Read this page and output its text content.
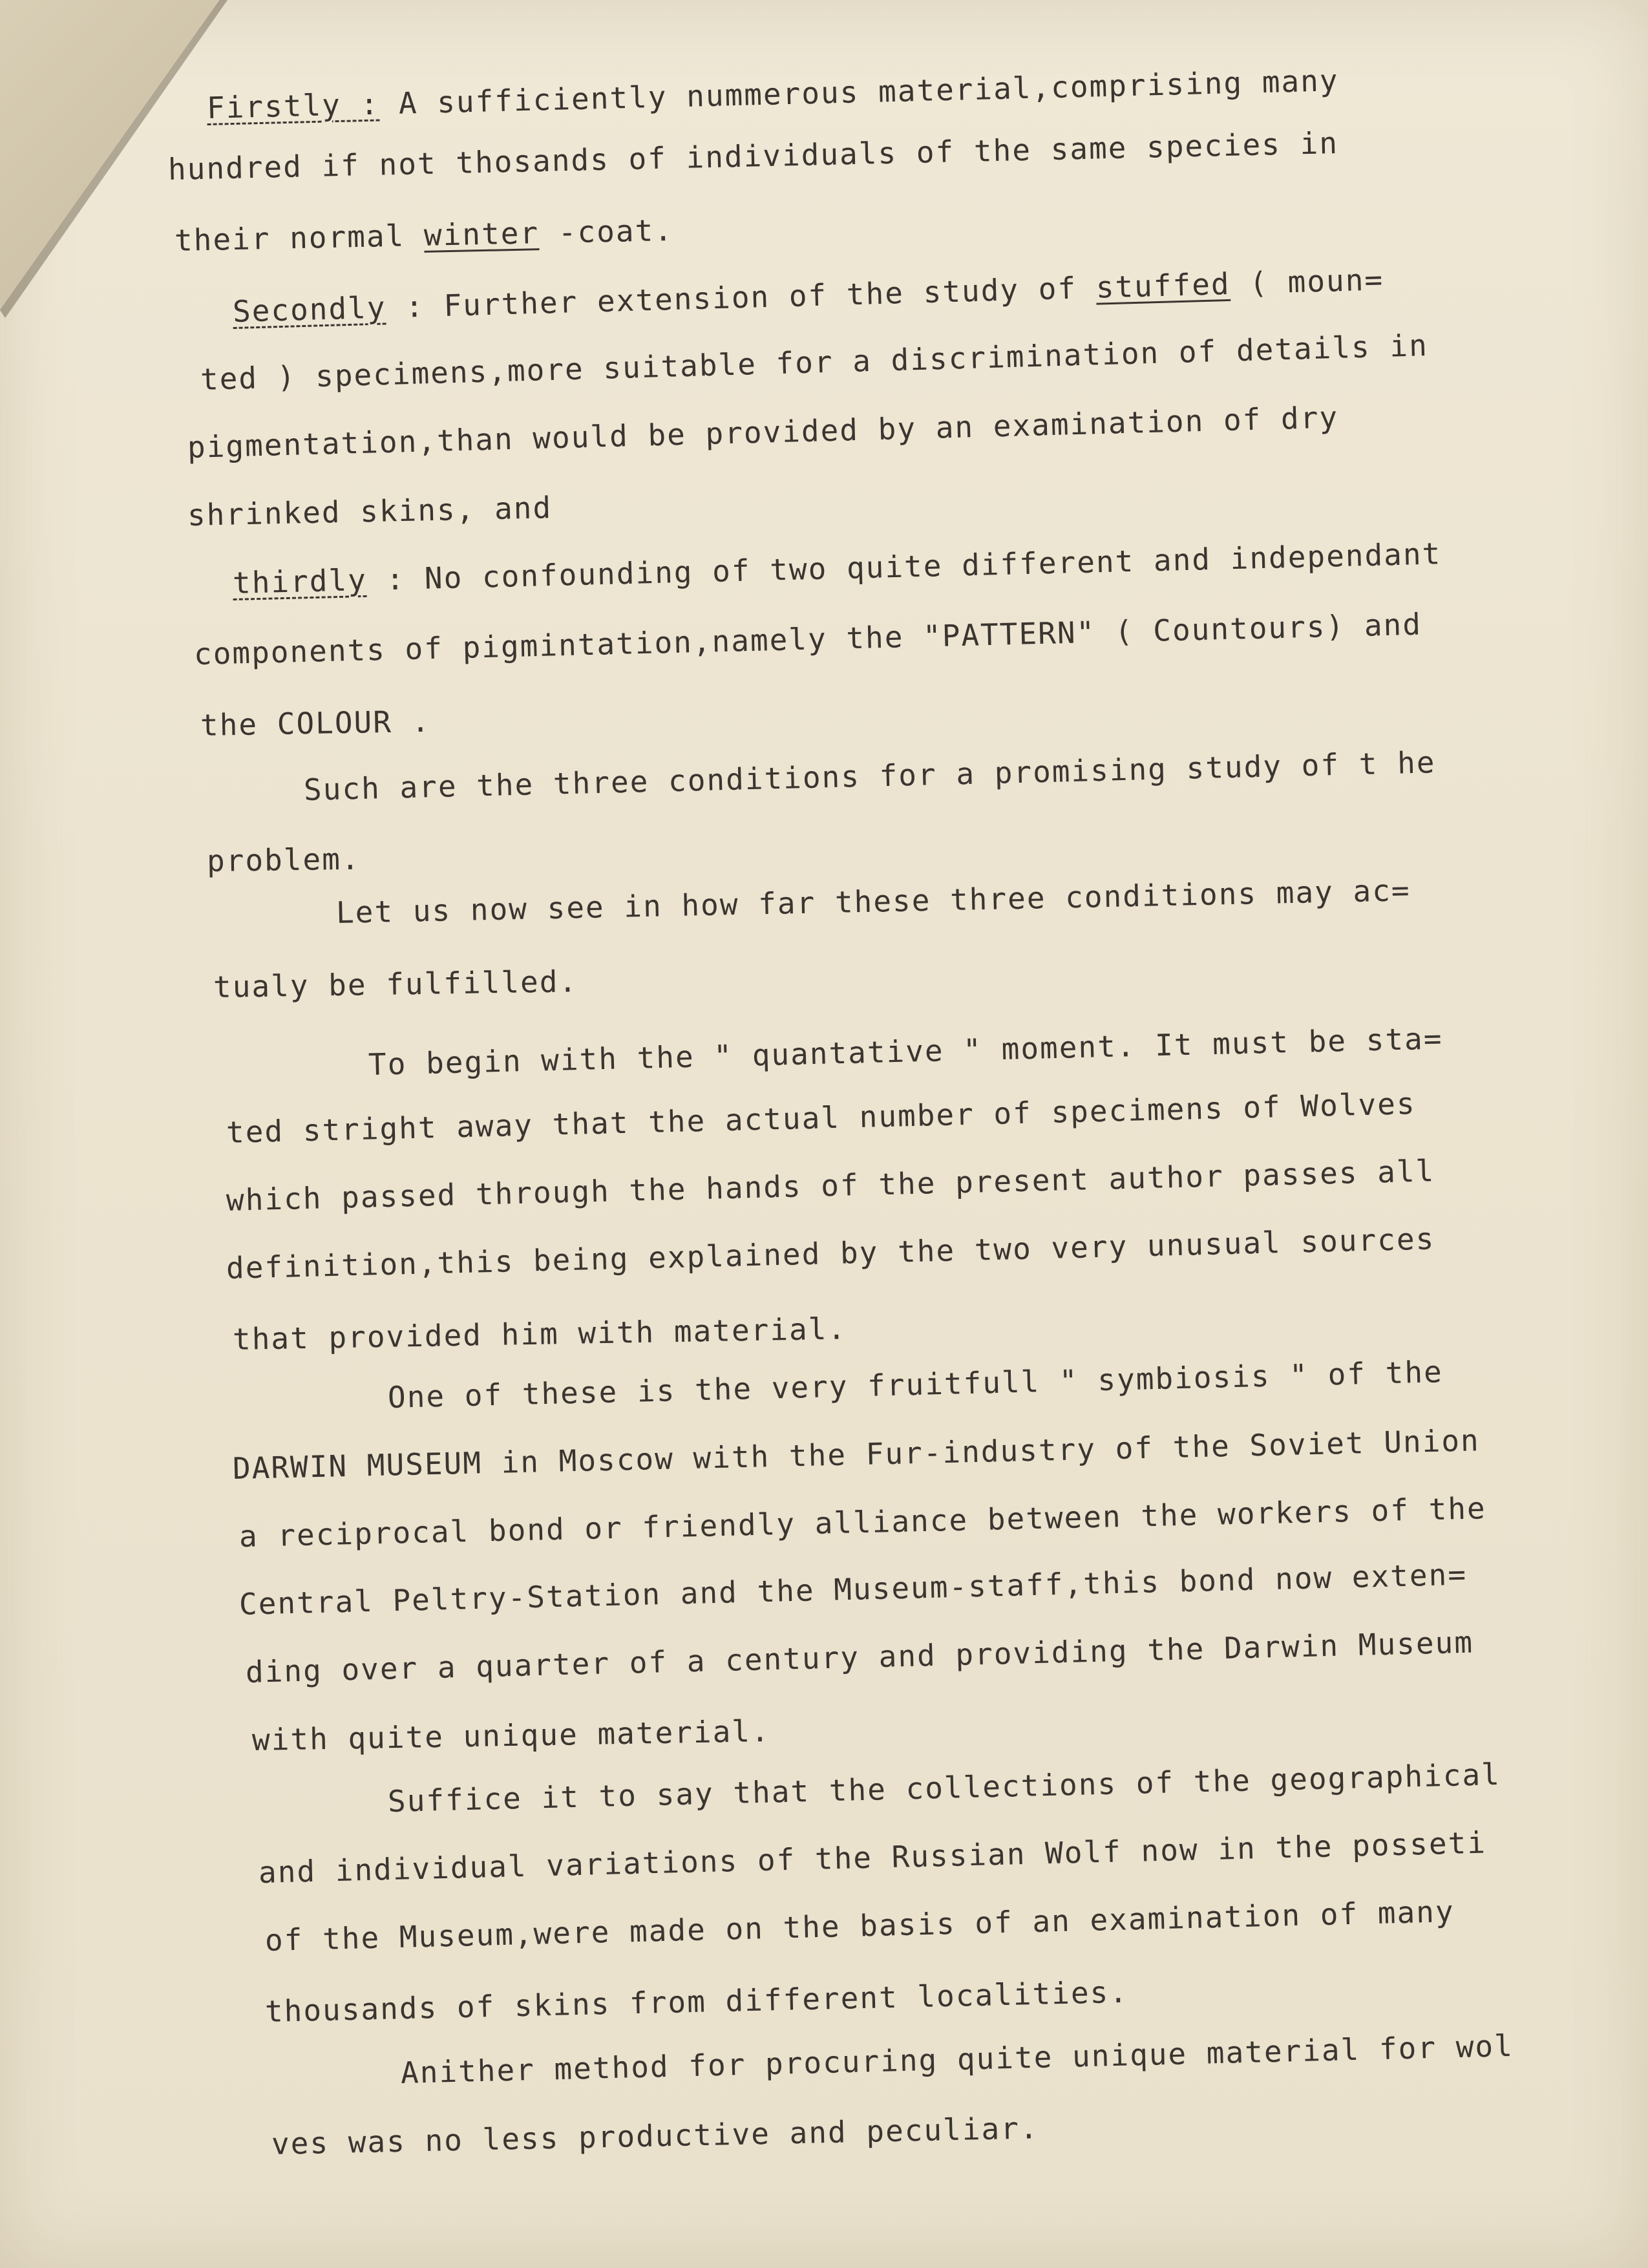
Firstly : A sufficiently nummerous material,comprising many
hundred if not thosands of individuals of the same species in
their normal winter -coat.
Secondly : Further extension of the study of stuffed ( moun=
ted ) specimens,more suitable for a discrimination of details in
pigmentation,than would be provided by an examination of dry
shrinked skins, and
thirdly : No confounding of two quite different and independant
components of pigmintation,namely the "PATTERN" ( Countours) and
the COLOUR .
Such are the three conditions for a promising study of t he
problem.
Let us now see in how far these three conditions may ac=
tualy be fulfilled.
To begin with the " quantative " moment. It must be sta=
ted stright away that the actual number of specimens of Wolves
which passed through the hands of the present author passes all
definition,this being explained by the two very unusual sources
that provided him with material.
One of these is the very fruitfull " symbiosis " of the
DARWIN MUSEUM in Moscow with the Fur-industry of the Soviet Union
a reciprocal bond or friendly alliance between the workers of the
Central Peltry-Station and the Museum-staff,this bond now exten=
ding over a quarter of a century and providing the Darwin Museum
with quite unique material.
Suffice it to say that the collections of the geographical
and individual variations of the Russian Wolf now in the posseti
of the Museum,were made on the basis of an examination of many
thousands of skins from different localities.
Anither method for procuring quite unique material for wol
ves was no less productive and peculiar.
